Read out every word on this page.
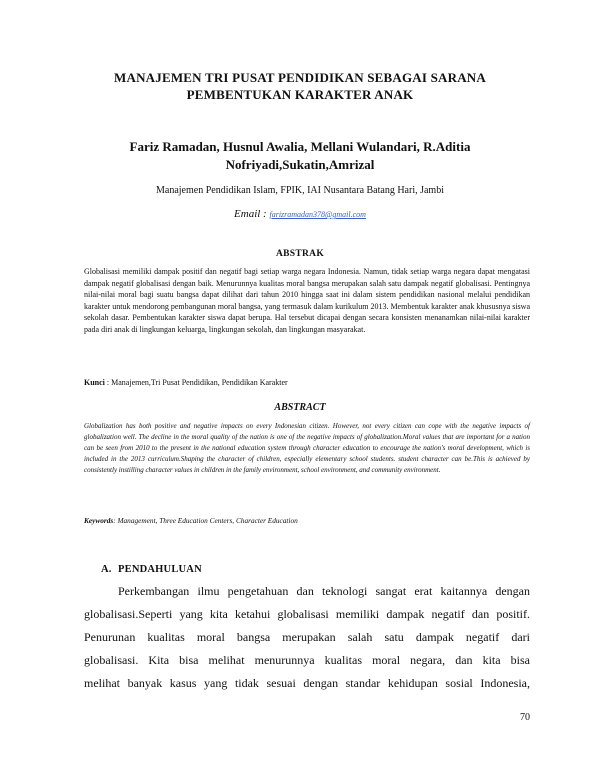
MANAJEMEN TRI PUSAT PENDIDIKAN SEBAGAI SARANA
PEMBENTUKAN KARAKTER ANAK
Fariz Ramadan, Husnul Awalia, Mellani Wulandari, R.Aditia
Nofriyadi,Sukatin,Amrizal
Manajemen Pendidikan Islam, FPIK, IAI Nusantara Batang Hari, Jambi
Email : farizramadan378@gmail.com
ABSTRAK
Globalisasi memiliki dampak positif dan negatif bagi setiap warga negara Indonesia. Namun, tidak setiap warga negara dapat mengatasi dampak negatif globalisasi dengan baik. Menurunnya kualitas moral bangsa merupakan salah satu dampak negatif globalisasi. Pentingnya nilai-nilai moral bagi suatu bangsa dapat dilihat dari tahun 2010 hingga saat ini dalam sistem pendidikan nasional melalui pendidikan karakter untuk mendorong pembangunan moral bangsa, yang termasuk dalam kurikulum 2013. Membentuk karakter anak khususnya siswa sekolah dasar. Pembentukan karakter siswa dapat berupa. Hal tersebut dicapai dengan secara konsisten menanamkan nilai-nilai karakter pada diri anak di lingkungan keluarga, lingkungan sekolah, dan lingkungan masyarakat.
Kunci : Manajemen,Tri Pusat Pendidikan, Pendidikan Karakter
ABSTRACT
Globalization has both positive and negative impacts on every Indonesian citizen. However, not every citizen can cope with the negative impacts of globalization well. The decline in the moral quality of the nation is one of the negative impacts of globalization.Moral values that are important for a nation can be seen from 2010 to the present in the national education system through character education to encourage the nation's moral development, which is included in the 2013 curriculum.Shaping the character of children, especially elementary school students. student character can be.This is achieved by consistently instilling character values in children in the family environment, school environment, and community environment.
Keywords: Management, Three Education Centers, Character Education
A. PENDAHULUAN
Perkembangan ilmu pengetahuan dan teknologi sangat erat kaitannya dengan
globalisasi.Seperti yang kita ketahui globalisasi memiliki dampak negatif dan positif.
Penurunan kualitas moral bangsa merupakan salah satu dampak negatif dari
globalisasi. Kita bisa melihat menurunnya kualitas moral negara, dan kita bisa
melihat banyak kasus yang tidak sesuai dengan standar kehidupan sosial Indonesia,
70
